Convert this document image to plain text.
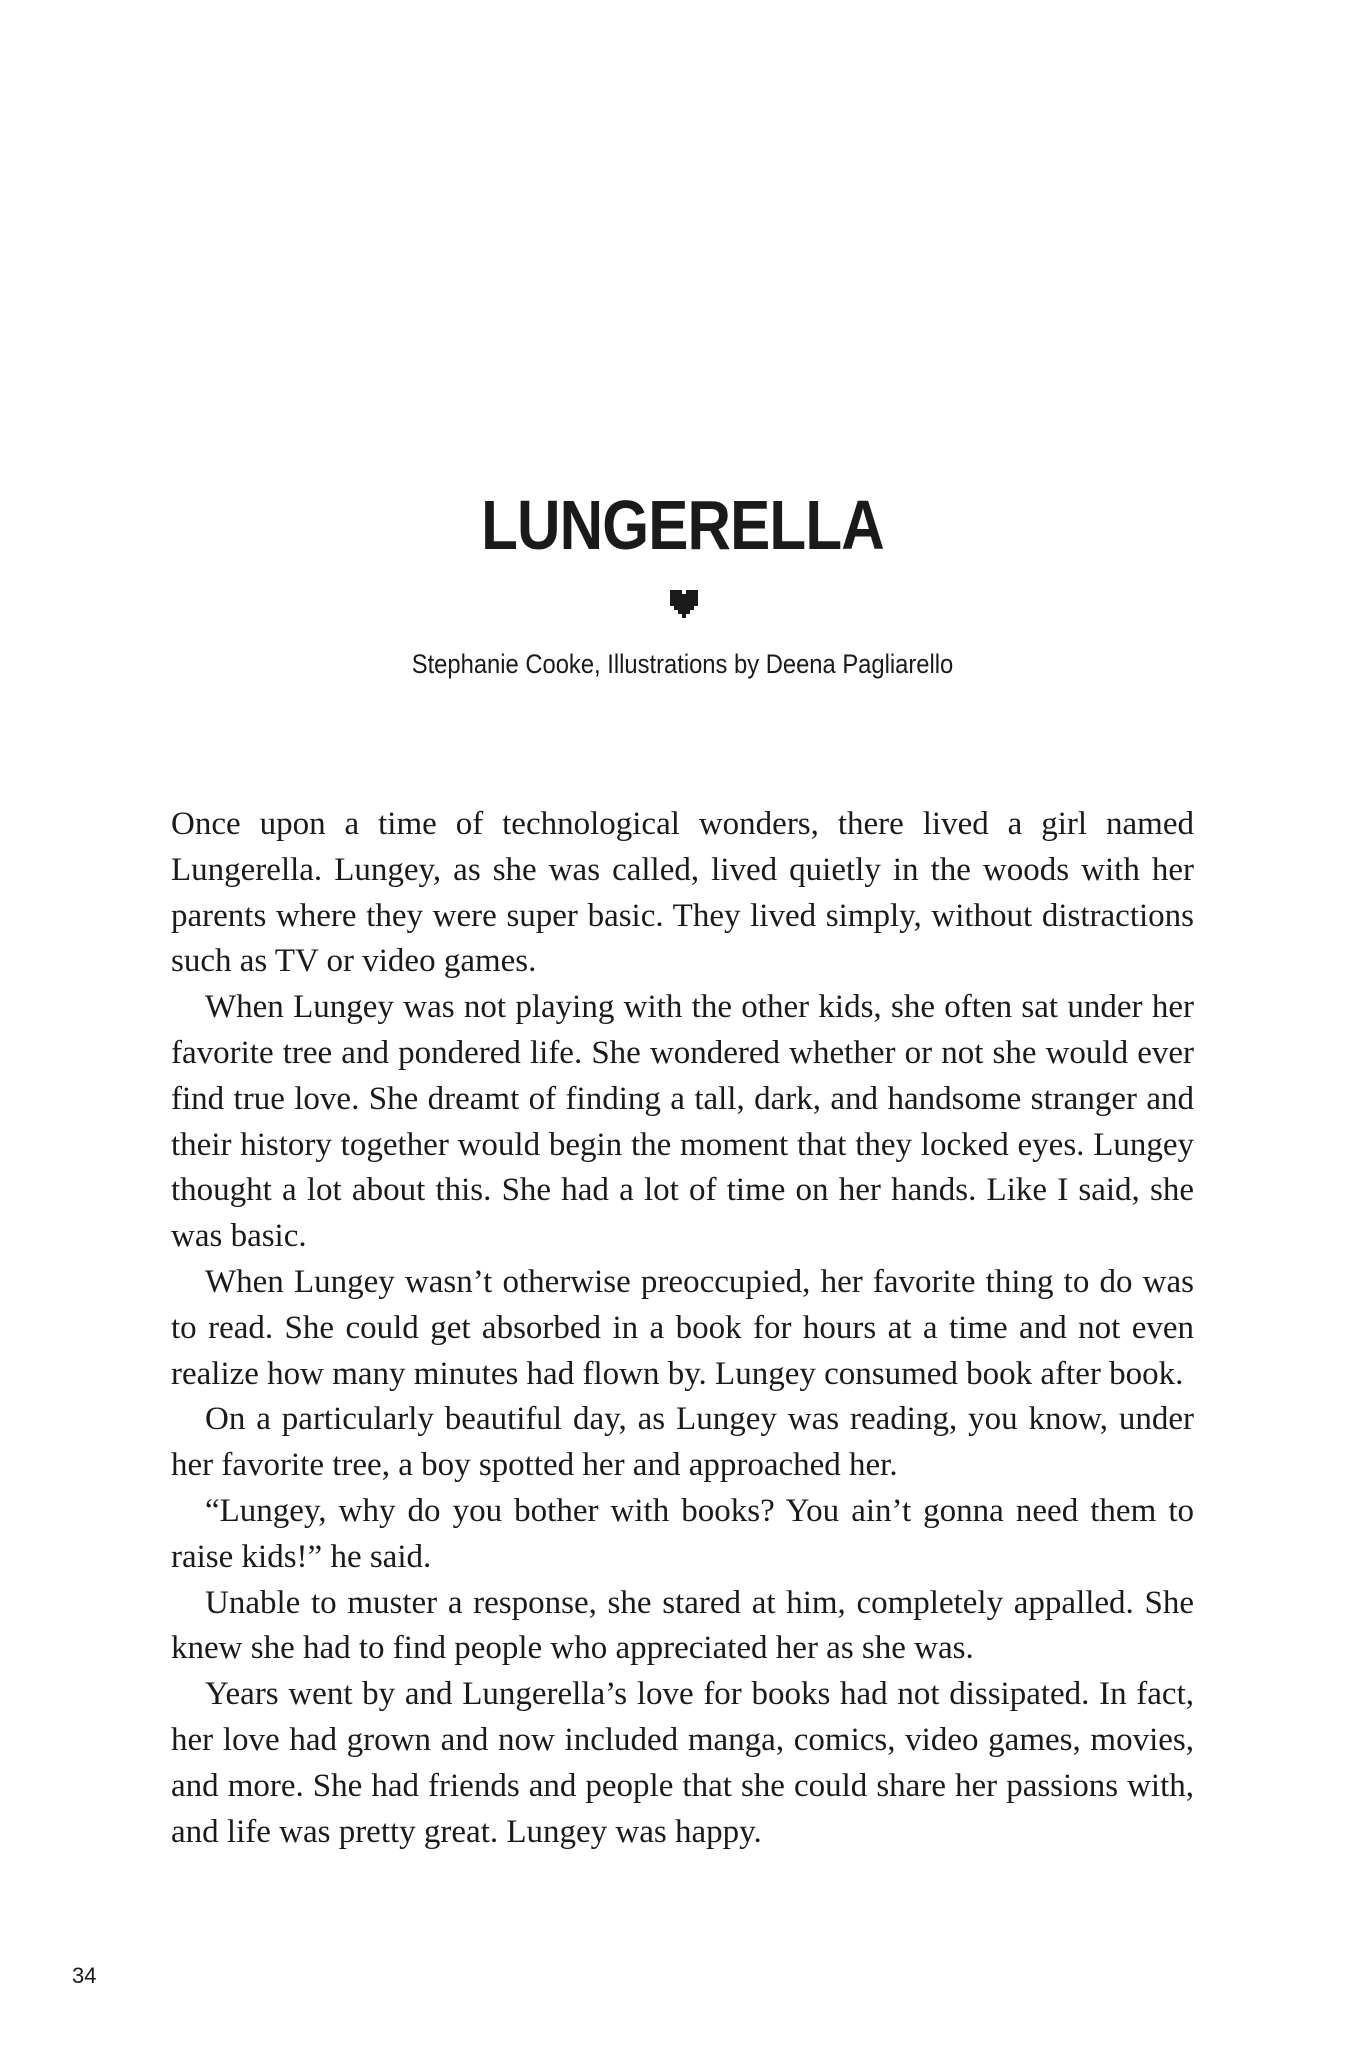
LUNGERELLA
Stephanie Cooke, Illustrations by Deena Pagliarello

Once upon a time of technological wonders, there lived a girl named Lungerella. Lungey, as she was called, lived quietly in the woods with her parents where they were super basic. They lived simply, without distractions such as TV or video games.

When Lungey was not playing with the other kids, she often sat under her favorite tree and pondered life. She wondered whether or not she would ever find true love. She dreamt of finding a tall, dark, and handsome stranger and their history together would begin the moment that they locked eyes. Lungey thought a lot about this. She had a lot of time on her hands. Like I said, she was basic.

When Lungey wasn’t otherwise preoccupied, her favorite thing to do was to read. She could get absorbed in a book for hours at a time and not even realize how many minutes had flown by. Lungey consumed book after book.

On a particularly beautiful day, as Lungey was reading, you know, under her favorite tree, a boy spotted her and approached her.

“Lungey, why do you bother with books? You ain’t gonna need them to raise kids!” he said.

Unable to muster a response, she stared at him, completely appalled. She knew she had to find people who appreciated her as she was.

Years went by and Lungerella’s love for books had not dissipated. In fact, her love had grown and now included manga, comics, video games, movies, and more. She had friends and people that she could share her passions with, and life was pretty great. Lungey was happy.

34
